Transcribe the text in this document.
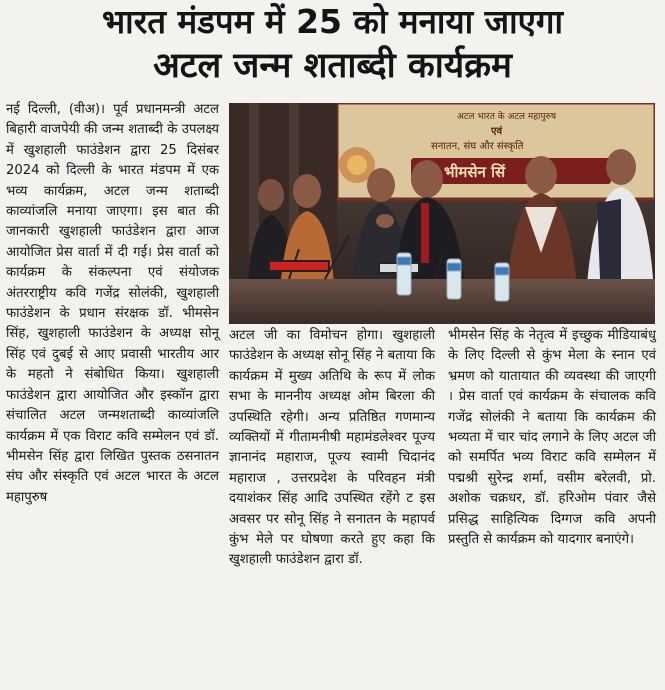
भारत मंडपम में 25 को मनाया जाएगा
अटल जन्म शताब्दी कार्यक्रम
नई दिल्ली, (वीअ)। पूर्व प्रधानमन्त्री अटल बिहारी वाजपेयी की जन्म शताब्दी के उपलक्ष्य में खुशहाली फाउंडेशन द्वारा 25 दिसंबर 2024 को दिल्ली के भारत मंडपम में एक भव्य कार्यक्रम, अटल जन्म शताब्दी काव्यांजलि मनाया जाएगा। इस बात की जानकारी खुशहाली फाउंडेशन द्वारा आज आयोजित प्रेस वार्ता में दी गई। प्रेस वार्ता को कार्यक्रम के संकल्पना एवं संयोजक अंतरराष्ट्रीय कवि गजेंद्र सोलंकी, खुशहाली फाउंडेशन के प्रधान संरक्षक डॉ. भीमसेन सिंह, खुशहाली फाउंडेशन के अध्यक्ष सोनू सिंह एवं दुबई से आए प्रवासी भारतीय आर के महतो ने संबोधित किया। खुशहाली फाउंडेशन द्वारा आयोजित और इस्कॉन द्वारा संचालित अटल जन्मशताब्दी काव्यांजलि कार्यक्रम में एक विराट कवि सम्मेलन एवं डॉ. भीमसेन सिंह द्वारा लिखित पुस्तक ठसनातन संघ और संस्कृति एवं अटल भारत के अटल महापुरुष
अटल भारत के अटल महापुरुष
एवं
सनातन, संघ और संस्कृति
भीमसेन सिं
अटल जी का विमोचन होगा। खुशहाली फाउंडेशन के अध्यक्ष सोनू सिंह ने बताया कि कार्यक्रम में मुख्य अतिथि के रूप में लोक सभा के माननीय अध्यक्ष ओम बिरला की उपस्थिति रहेगी। अन्य प्रतिष्ठित गणमान्य व्यक्तियों में गीतामनीषी महामंडलेश्वर पूज्य ज्ञानानंद महाराज, पूज्य स्वामी चिदानंद महाराज , उत्तरप्रदेश के परिवहन मंत्री दयाशंकर सिंह आदि उपस्थित रहेंगे ट इस अवसर पर सोनू सिंह ने सनातन के महापर्व कुंभ मेले पर घोषणा करते हुए कहा कि खुशहाली फाउंडेशन द्वारा डॉ.
भीमसेन सिंह के नेतृत्व में इच्छुक मीडियाबंधु के लिए दिल्ली से कुंभ मेला के स्नान एवं भ्रमण को यातायात की व्यवस्था की जाएगी । प्रेस वार्ता एवं कार्यक्रम के संचालक कवि गजेंद्र सोलंकी ने बताया कि कार्यक्रम की भव्यता में चार चांद लगाने के लिए अटल जी को समर्पित भव्य विराट कवि सम्मेलन में पद्मश्री सुरेन्द्र शर्मा, वसीम बरेलवी, प्रो. अशोक चक्रधर, डॉ. हरिओम पंवार जैसे प्रसिद्ध साहित्यिक दिग्गज कवि अपनी प्रस्तुति से कार्यक्रम को यादगार बनाएंगे।
